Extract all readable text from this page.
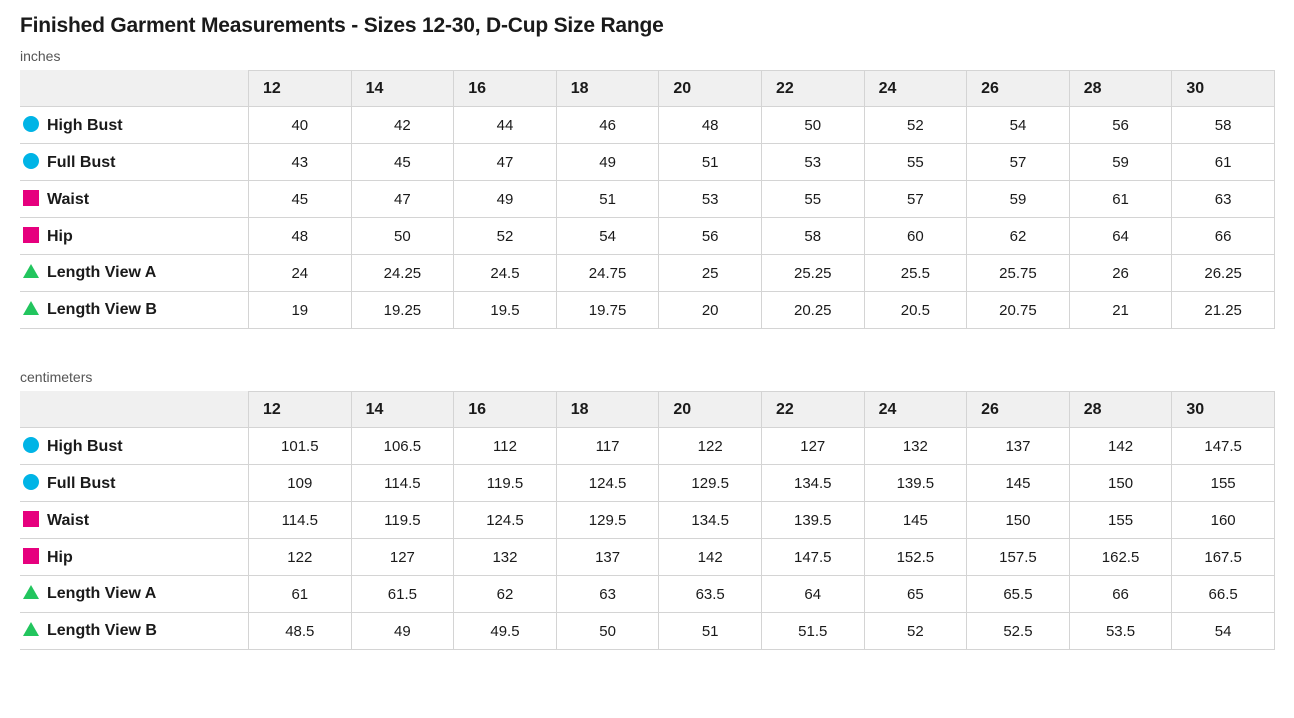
Finished Garment Measurements - Sizes 12-30, D-Cup Size Range
inches
	12	14	16	18	20	22	24	26	28	30
High Bust	40	42	44	46	48	50	52	54	56	58
Full Bust	43	45	47	49	51	53	55	57	59	61
Waist	45	47	49	51	53	55	57	59	61	63
Hip	48	50	52	54	56	58	60	62	64	66
Length View A	24	24.25	24.5	24.75	25	25.25	25.5	25.75	26	26.25
Length View B	19	19.25	19.5	19.75	20	20.25	20.5	20.75	21	21.25
centimeters
	12	14	16	18	20	22	24	26	28	30
High Bust	101.5	106.5	112	117	122	127	132	137	142	147.5
Full Bust	109	114.5	119.5	124.5	129.5	134.5	139.5	145	150	155
Waist	114.5	119.5	124.5	129.5	134.5	139.5	145	150	155	160
Hip	122	127	132	137	142	147.5	152.5	157.5	162.5	167.5
Length View A	61	61.5	62	63	63.5	64	65	65.5	66	66.5
Length View B	48.5	49	49.5	50	51	51.5	52	52.5	53.5	54
